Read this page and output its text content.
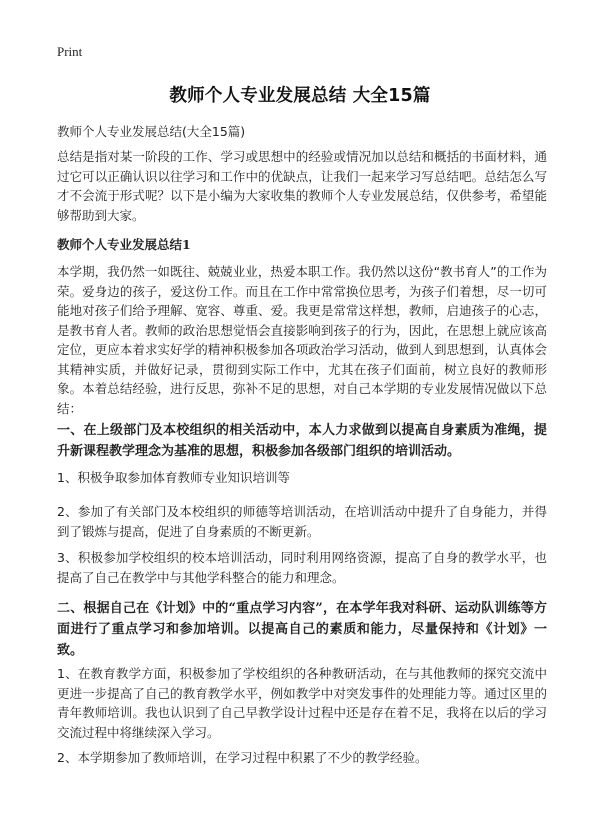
Print
教师个人专业发展总结 大全15篇
教师个人专业发展总结(大全15篇)
总结是指对某一阶段的工作、学习或思想中的经验或情况加以总结和概括的书面材料，通过它可以正确认识以往学习和工作中的优缺点，让我们一起来学习写总结吧。总结怎么写才不会流于形式呢？以下是小编为大家收集的教师个人专业发展总结，仅供参考，希望能够帮助到大家。
教师个人专业发展总结1
本学期，我仍然一如既往、兢兢业业，热爱本职工作。我仍然以这份“教书育人”的工作为荣。爱身边的孩子，爱这份工作。而且在工作中常常换位思考，为孩子们着想，尽一切可能地对孩子们给予理解、宽容、尊重、爱。我更是常常这样想，教师，启迪孩子的心志，是教书育人者。教师的政治思想觉悟会直接影响到孩子的行为，因此，在思想上就应该高定位，更应本着求实好学的精神积极参加各项政治学习活动，做到人到思想到，认真体会其精神实质，并做好记录，贯彻到实际工作中，尤其在孩子们面前，树立良好的教师形象。本着总结经验，进行反思，弥补不足的思想，对自己本学期的专业发展情况做以下总结：
一、在上级部门及本校组织的相关活动中，本人力求做到以提高自身素质为准绳，提升新课程教学理念为基准的思想，积极参加各级部门组织的培训活动。
1、积极争取参加体育教师专业知识培训等
2、参加了有关部门及本校组织的师德等培训活动，在培训活动中提升了自身能力，并得到了锻炼与提高，促进了自身素质的不断更新。
3、积极参加学校组织的校本培训活动，同时利用网络资源，提高了自身的教学水平，也提高了自己在教学中与其他学科整合的能力和理念。
二、根据自己在《计划》中的“重点学习内容”，在本学年我对科研、运动队训练等方面进行了重点学习和参加培训。以提高自己的素质和能力，尽量保持和《计划》一致。
1、在教育教学方面，积极参加了学校组织的各种教研活动，在与其他教师的探究交流中更进一步提高了自己的教育教学水平，例如教学中对突发事件的处理能力等。通过区里的青年教师培训。我也认识到了自己早教学设计过程中还是存在着不足，我将在以后的学习交流过程中将继续深入学习。
2、本学期参加了教师培训，在学习过程中积累了不少的教学经验。
